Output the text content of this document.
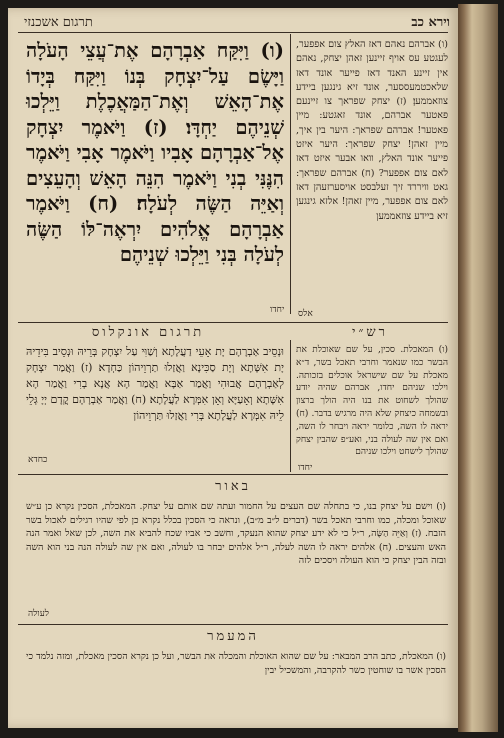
וירא כב
תרגום אשכנזי
(ו) וַיִּקַּח אַבְרָהָם אֶת־עֲצֵי הָעֹלָה וַיָּשֶׂם עַל־יִצְחָק בְּנוֹ וַיִּקַּח בְּיָדוֹ אֶת־הָאֵשׁ וְאֶת־הַמַּאֲכֶלֶת וַיֵּלְכוּ שְׁנֵיהֶם יַחְדָּו׃ (ז) וַיֹּאמֶר יִצְחָק אֶל־אַבְרָהָם אָבִיו וַיֹּאמֶר אָבִי וַיֹּאמֶר הִנֶּנִּי בְנִי וַיֹּאמֶר הִנֵּה הָאֵשׁ וְהָעֵצִים וְאַיֵּה הַשֶּׂה לְעֹלָה׃ (ח) וַיֹּאמֶר אַבְרָהָם אֱלֹהִים יִרְאֶה־לּוֹ הַשֶּׂה לְעֹלָה בְּנִי וַיֵּלְכוּ שְׁנֵיהֶם
יחדו
(ו) אברהם נאהם דאז האלץ צום אפפער, לעגטע עס אויף זיינען זאהן יצחק, נאהם אין זיינע האנד דאז פייער אונד דאז שלאכטמעססער, אונד זיא גינגען ביידע צוזאממען׃ (ז) יצחק שפראך צו זיינעם פאטער אברהם, אונד זאגטע: מיין פאטער! אברהם שפראך: היער בין איך, מיין זאהן! יצחק שפראך: היער איזט פייער אונד האלץ, וואו אבער איזט דאז לאם צום אפפער? (ח) אברהם שפראך: גאט וויררד זיך זעלבסט אויסערזעהן דאז לאם צום אפפער, מיין זאהן! אלזא גינגען זיא ביידע צוזאממען
אלס
תרגום אונקלוס	רש״י
וּנְסֵיב אַבְרָהָם יָת אָעֵי דַעֲלָתָא וְשַׁוִּי עַל יִצְחָק בְּרֵיהּ וּנְסֵיב בִּידֵיהּ יָת אִשָּׁתָא וְיָת סַכִּינָא וַאֲזַלוּ תַרְוֵיהוֹן כַּחְדָא׃ (ז) וַאֲמַר יִצְחָק לְאַבְרָהָם אֲבוּהִי וַאֲמַר אַבָּא וַאֲמַר הָא אֲנָא בְרִי וַאֲמַר הָא אִשָּׁתָא וְאָעַיָּא וְאָן אִמְּרָא לַעֲלָתָא׃ (ח) וַאֲמַר אַבְרָהָם קֳדָם יְיָ גְּלֵי לֵיהּ אִמְּרָא לַעֲלָתָא בְּרִי וַאֲזַלוּ תַּרְוֵיהוֹן
כחדא
(ו) המאכלת. סכין, על שם שאוכלת את הבשר כמו שנאמר וחרבי תאכל בשר, ד״א מאכלת על שם שישראל אוכלים בזכותה. וילכו שניהם יחדו, אברהם שהיה יודע שהולך לשחוט את בנו היה הולך ברצון ובשמחה כיצחק שלא היה מרגיש בדבר. (ח) יראה לו השה, כלומר יראה ויבחר לו השה, ואם אין שה לעולה בני, ואע״פ שהבין יצחק שהולך לישחט וילכו שניהם
יחדו
באור
(ו) וישם על יצחק בנו, כי בתחלה שם העצים על החמור ועתה שם אותם על יצחק. המאכלת, הסכין נקרא כן ע״ש שאוכל ומכלה, כמו וחרבי תאכל בשר (דברים ל״ב מ״ב), ונראה כי הסכין בכלל נקרא כן לפי שהיו רגילים לאכול בשר הזבח. (ז) וְאַיֵּה הַשֶּׂה, ר״ל כי לא ידע יצחק שהוא הנעקד, וחשב כי אביו שכח להביא את השה, לכן שאל ואמר הנה האש והעצים. (ח) אלהים יראה לו השה לעלה, ר״ל אלהים יבחר בו לעולה, ואם אין שה לעולה הנה בני הוא השה ובזה הבין יצחק כי הוא העולה ויסכים לזה
לעולה
המעמר
(ו) המאכלת, כתב הרב המבאר: על שם שהוא האוכלת והמכלה את הבשר, ועל כן נקרא הסכין מאכלת, ומזה נלמד כי הסכין אשר בו שוחטין כשר להקרבה, והמשכיל יבין
